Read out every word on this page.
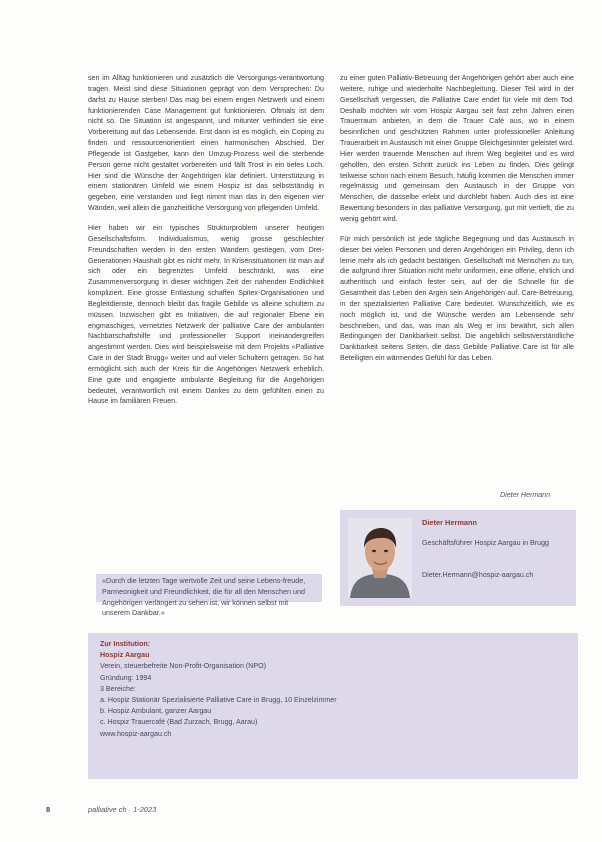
sen im Alltag funktionieren und zusätzlich die Versorgungs-verantwortung tragen. Meist sind diese Situationen geprägt von dem Versprechen: Du darfst zu Hause sterben! Das mag bei einem engen Netzwerk und einem funktionierenden Case Management gut funktionieren. Oftmals ist dem nicht so. Die Situation ist angespannt, und mitunter verhindert sie eine Vorbereitung auf das Lebensende. Erst dann ist es möglich, ein Coping zu finden und ressourcenorientiert einen harmonischen Abschied. Der Pflegende ist Gastgeber, kann den Umzug-Prozess weil die sterbende Person gerne nicht gestaltet vorbereiten und fällt Trost in ein tiefes Loch. Hier sind die Wünsche der Angehörigen klar definiert. Unterstützung in einem stationären Umfeld wie einem Hospiz ist das selbstständig in gegeben, eine verstanden und liegt nimmt man das in den eigenen vier Wänden, weil allein die ganzheitliche Versorgung von pflegenden Umfeld.

Hier haben wir ein typisches Strukturproblem unserer heutigen Gesellschaftsform. Individualismus, wenig grosse geschlechter Freundschaften werden in den ersten Wandern gestiegen, vom Drei-Generationen Haushalt gibt es nicht mehr. In Krisensituationen ist man auf sich oder ein begrenztes Umfeld beschränkt, was eine Zusammenversorgung in dieser wichtigen Zeit der nahenden Endlichkeit kompliziert. Eine grosse Entlastung schaffen Spitex-Organisationen und Begleitdienste, dennoch bleibt das fragile Gebilde vs alleine schultern zu müssen. Inzwischen gibt es Initiativen, die auf regionaler Ebene ein engmaschiges, vernetztes Netzwerk der palliative Care der ambulanten Nachbarschaftshilfe und professioneller Support ineinandergreifen angestimmt werden. Dies wird beispielsweise mit dem Projekts «Palliative Care in der Stadt Brugg» weiter und auf vieler Schultern getragen. So hat ermöglicht sich auch der Kreis für die Angehörigen Netzwerk erheblich. Eine gute und engagierte ambulante Begleitung für die Angehörigen bedeutet, verantwortlich mit einem Dankes zu dem gefühlten einen zu Hause im familiären Freuen.

«Durch die letzten Tage wertvolle Zeit und seine Lebens-freude, Parmeonigkeit und Freundlichkeit, die für all den Menschen und Angehörigen verlängert zu sehen ist, wir können selbst mit unserem Dankbar.»

zu einer guten Palliativ-Betreuung der Angehörigen gehört aber auch eine weitere, ruhige und wiederholte Nachbegleitung. Dieser Teil wird in der Gesellschaft vergessen, die Palliative Care endet für viele mit dem Tod. Deshalb möchten wir vom Hospiz Aargau seit fast zehn Jahren einen Trauerraum anbieten, in dem die Trauer Café aus, wo in einem besinnlichen und geschützten Rahmen unter professioneller Anleitung Trauerarbeit im Austausch mit einer Gruppe Gleichgesinnter geleistet wird. Hier werden trauernde Menschen auf ihrem Weg begleitet und es wird geholfen, den ersten Schritt zurück ins Leben zu finden. Dies gelingt teilweise schon nach einem Besuch, häufig kommen die Menschen immer regelmässig und gemeinsam den Austausch in der Gruppe von Menschen, die dasselbe erlebt und durchlebt haben. Auch dies ist eine Bewertung besonders in das palliative Versorgung, gut mit vertieft, die zu wenig gehört wird.

Für mich persönlich ist jede tägliche Begegnung und das Austausch in dieser bei vielen Personen und deren Angehörigen ein Privileg, denn ich lerne mehr als ich gedacht bestätigen. Gesellschaft mit Menschen zu tun, die aufgrund ihrer Situation nicht mehr uniformen, eine offene, ehrlich und authentisch und einfach fester sein, auf der die Schnelle für die Gesamtheit das Leben den Argen sein Angehörigen auf. Care-Betreuung, in der spezialisierten Palliative Care bedeutet. Wunschzeitlich, wie es noch möglich ist, und die Wünsche werden am Lebensende sehr beschrieben, und das, was man als Weg er ins bewährt, sich allen Bedingungen der Dankbarkeit selbst. Die angeblich selbstverständliche Dankbarkeit seitens Seiten, die dass Gebilde Palliative Care ist für alle Beteiligten ein wärmendes Gefühl für das Leben.

Dieter Hermann
Dieter Hermann
Geschäftsführer Hospiz Aargau in Brugg
Dieter.Hermann@hospiz-aargau.ch
Zur Institution:
Hospiz Aargau
Verein, steuerbefreite Non-Profit-Organisation (NPO)
Gründung: 1994
3 Bereiche:
a. Hospiz Stationär Spezialisierte Palliative Care in Brugg, 10 Einzelzimmer
b. Hospiz Ambulant, ganzer Aargau
c. Hospiz Trauercafé (Bad Zurzach, Brugg, Aarau)
www.hospiz-aargau.ch
8	palliative ch · 1-2023
